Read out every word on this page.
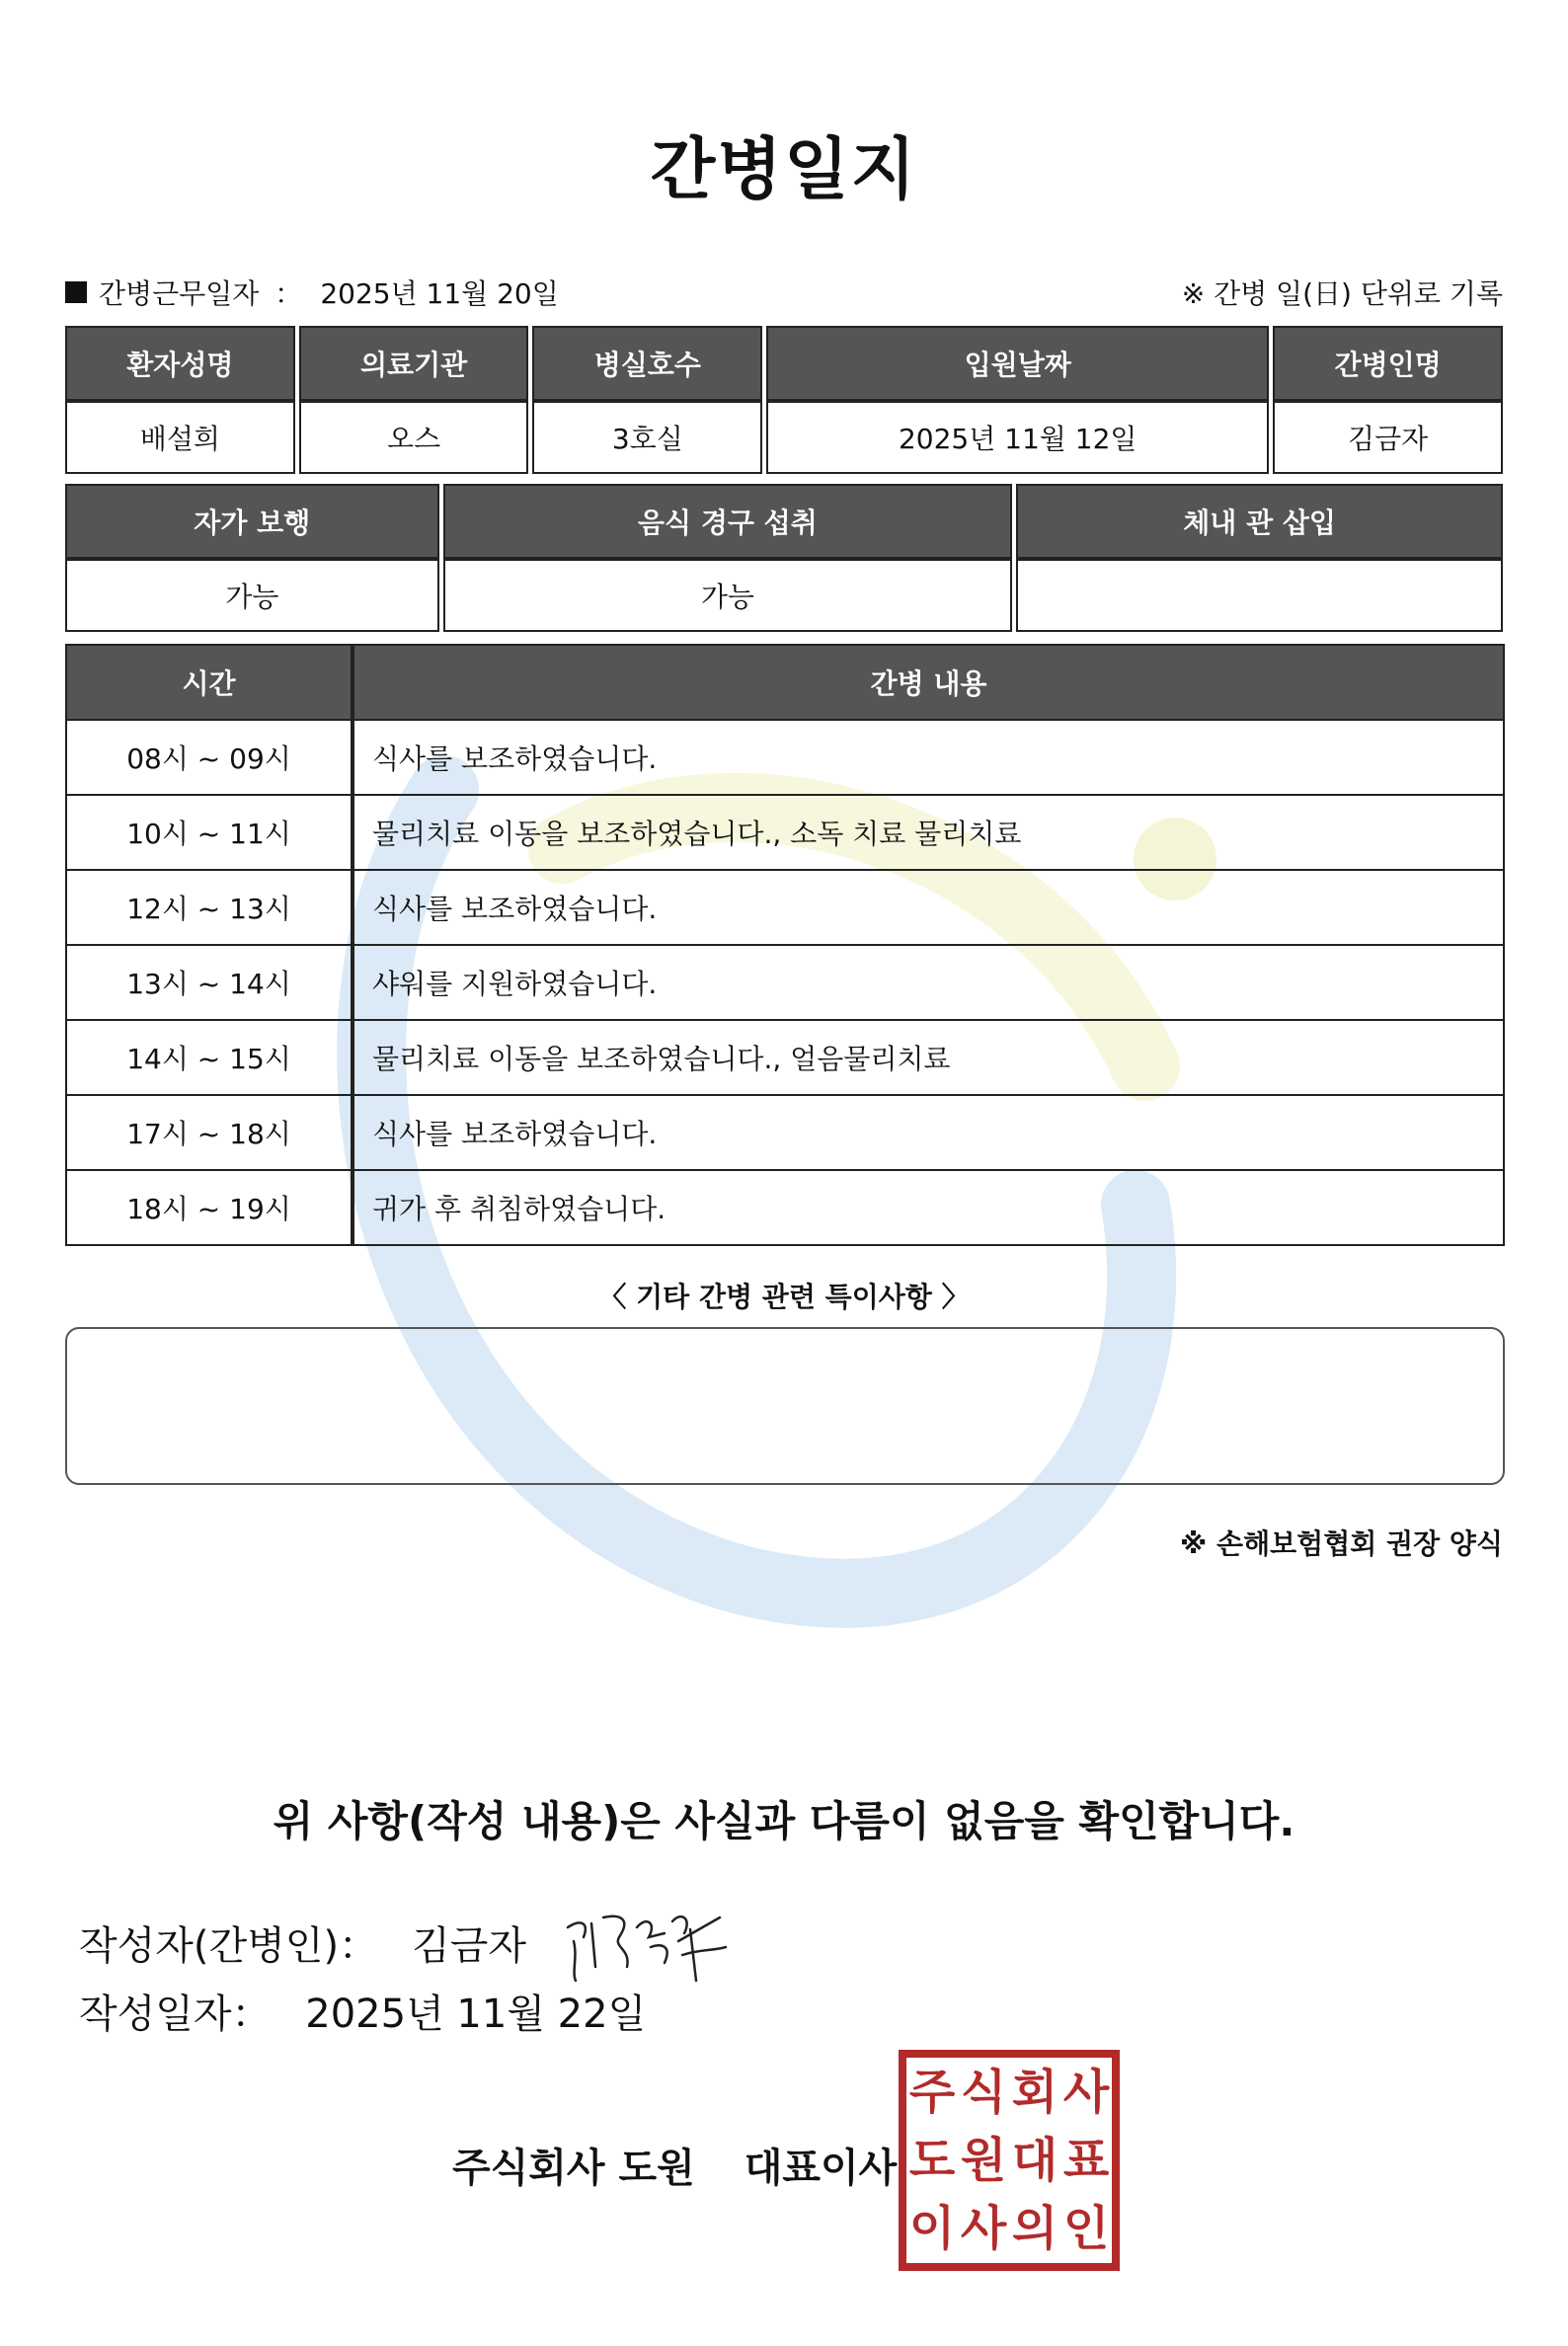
간병일지
간병근무일자 ： 2025년 11월 20일	※ 간병 일(日) 단위로 기록
환자성명	의료기관	병실호수	입원날짜	간병인명
배설희	오스	3호실	2025년 11월 12일	김금자
자가 보행	음식 경구 섭취	체내 관 삽입
가능	가능	
시간	간병 내용
08시 ~ 09시	식사를 보조하였습니다.
10시 ~ 11시	물리치료 이동을 보조하였습니다., 소독 치료 물리치료
12시 ~ 13시	식사를 보조하였습니다.
13시 ~ 14시	샤워를 지원하였습니다.
14시 ~ 15시	물리치료 이동을 보조하였습니다., 얼음물리치료
17시 ~ 18시	식사를 보조하였습니다.
18시 ~ 19시	귀가 후 취침하였습니다.
〈 기타 간병 관련 특이사항 〉
※ 손해보험협회 권장 양식
위 사항(작성 내용)은 사실과 다름이 없음을 확인합니다.
작성자(간병인)： 김금자
작성일자： 2025년 11월 22일
주식회사 도원 대표이사
주 식 회 사
도 원 대 표
이 사 의 인
